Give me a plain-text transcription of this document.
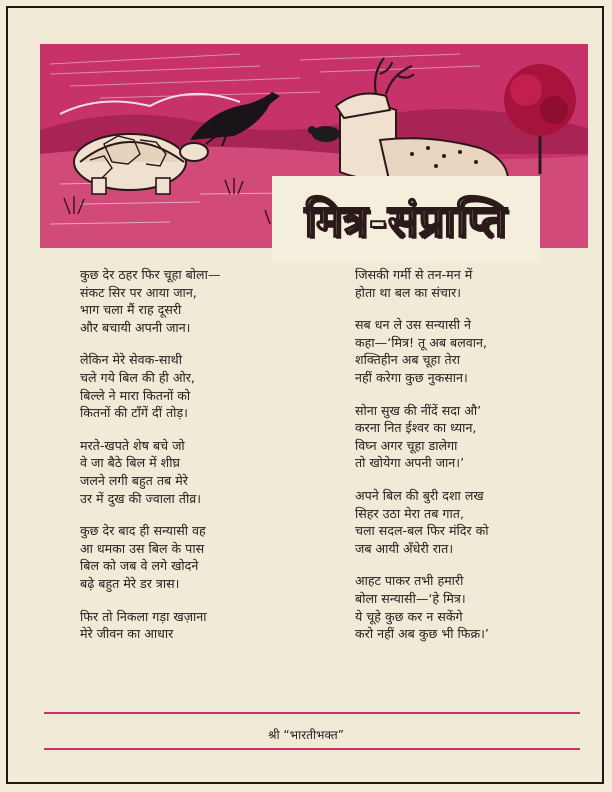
मित्र-संप्राप्ति
कुछ देर ठहर फिर चूहा बोला—
संकट सिर पर आया जान,
भाग चला मैं राह दूसरी
और बचायी अपनी जान।
लेकिन मेरे सेवक-साथी
चले गये बिल की ही ओर,
बिल्ले ने मारा कितनों को
कितनों की टाँगें दीं तोड़।
मरते-खपते शेष बचे जो
वे जा बैठे बिल में शीघ्र
जलने लगी बहुत तब मेरे
उर में दुख की ज्वाला तीव्र।
कुछ देर बाद ही सन्यासी वह
आ धमका उस बिल के पास
बिल को जब वे लगे खोदने
बढ़े बहुत मेरे डर त्रास।
फिर तो निकला गड़ा खज़ाना
मेरे जीवन का आधार
जिसकी गर्मी से तन-मन में
होता था बल का संचार।
सब धन ले उस सन्यासी ने
कहा—‘मित्र! तू अब बलवान,
शक्तिहीन अब चूहा तेरा
नहीं करेगा कुछ नुकसान।
सोना सुख की नींदें सदा औ’
करना नित ईश्वर का ध्यान,
विघ्न अगर चूहा डालेगा
तो खोयेगा अपनी जान।’
अपने बिल की बुरी दशा लख
सिहर उठा मेरा तब गात,
चला सदल-बल फिर मंदिर को
जब आयी अँधेरी रात।
आहट पाकर तभी हमारी
बोला सन्यासी—‘हे मित्र।
ये चूहे कुछ कर न सकेंगे
करो नहीं अब कुछ भी फिक्र।’
श्री “भारतीभक्त”
